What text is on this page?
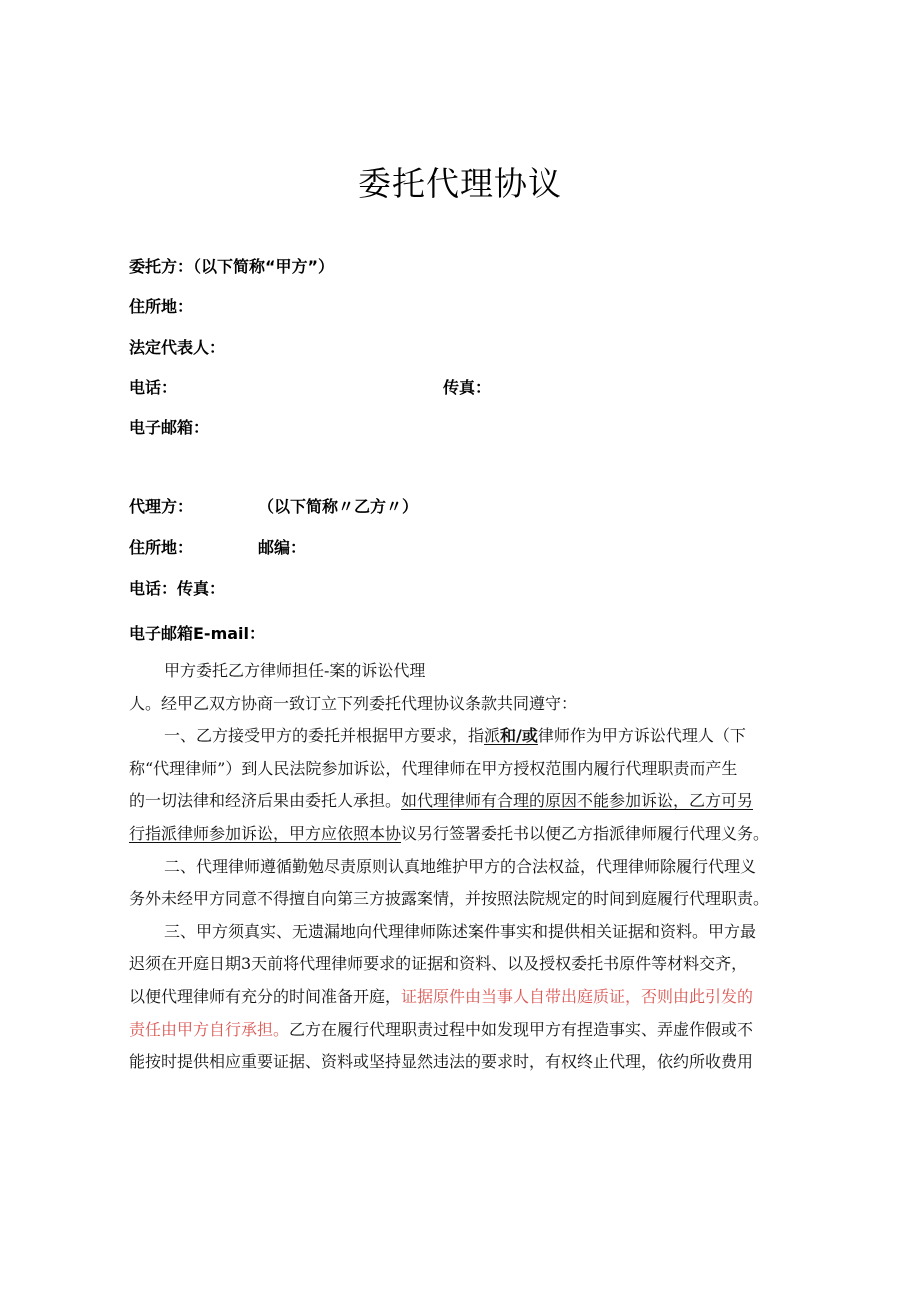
委托代理协议
委托方：（以下简称“甲方”）
住所地：
法定代表人：
电话：	传真：
电子邮箱：
代理方：	（以下简称〃乙方〃）
住所地：	邮编：
电话：传真：
电子邮箱E-mail：
甲方委托乙方律师担任-案的诉讼代理
人。经甲乙双方协商一致订立下列委托代理协议条款共同遵守：
一、乙方接受甲方的委托并根据甲方要求，指派和/或律师作为甲方诉讼代理人（下
称“代理律师”）到人民法院参加诉讼，代理律师在甲方授权范围内履行代理职责而产生
的一切法律和经济后果由委托人承担。如代理律师有合理的原因不能参加诉讼，乙方可另
行指派律师参加诉讼，甲方应依照本协议另行签署委托书以便乙方指派律师履行代理义务。
二、代理律师遵循勤勉尽责原则认真地维护甲方的合法权益，代理律师除履行代理义
务外未经甲方同意不得擅自向第三方披露案情，并按照法院规定的时间到庭履行代理职责。
三、甲方须真实、无遗漏地向代理律师陈述案件事实和提供相关证据和资料。甲方最
迟须在开庭日期3天前将代理律师要求的证据和资料、以及授权委托书原件等材料交齐，
以便代理律师有充分的时间准备开庭，证据原件由当事人自带出庭质证，否则由此引发的
责任由甲方自行承担。乙方在履行代理职责过程中如发现甲方有捏造事实、弄虚作假或不
能按时提供相应重要证据、资料或坚持显然违法的要求时，有权终止代理，依约所收费用
